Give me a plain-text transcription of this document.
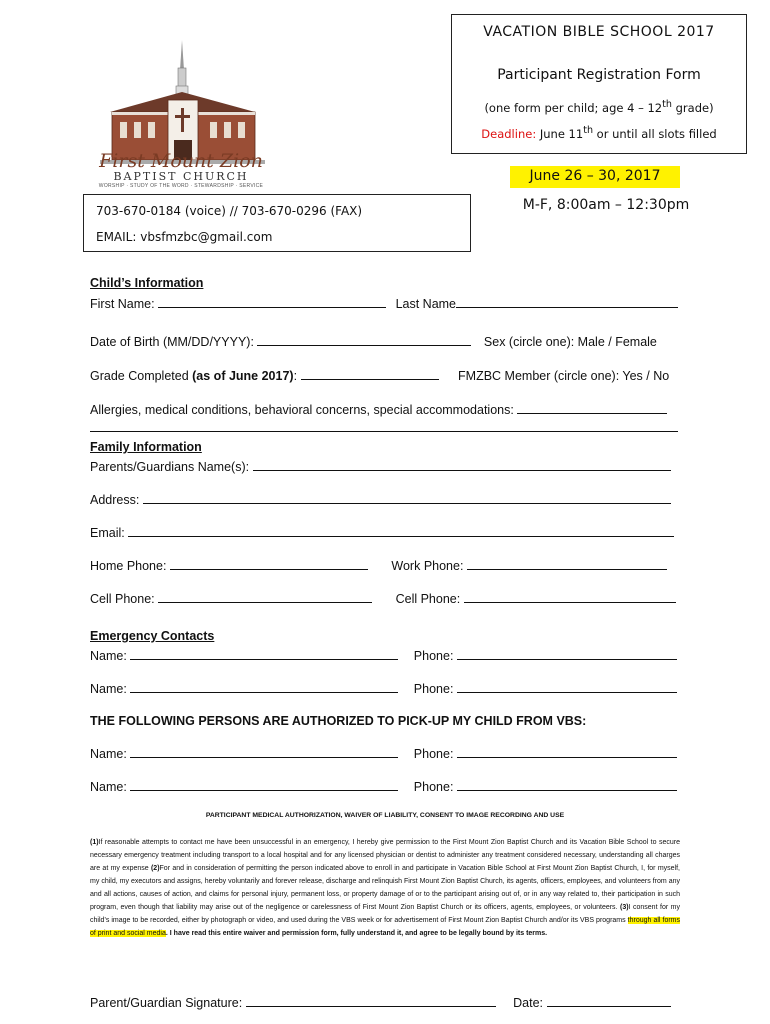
First Mount Zion
BAPTIST CHURCH
WORSHIP · STUDY OF THE WORD · STEWARDSHIP · SERVICE
VACATION BIBLE SCHOOL 2017
Participant Registration Form
(one form per child; age 4 – 12th grade)
Deadline: June 11th or until all slots filled
June 26 – 30, 2017
M-F, 8:00am – 12:30pm
703-670-0184 (voice) // 703-670-0296 (FAX)
EMAIL: vbsfmzbc@gmail.com
Child’s Information
First Name:	Last Name
Date of Birth (MM/DD/YYYY):	Sex (circle one): Male / Female
Grade Completed (as of June 2017):	FMZBC Member (circle one): Yes / No
Allergies, medical conditions, behavioral concerns, special accommodations:
Family Information
Parents/Guardians Name(s):
Address:
Email:
Home Phone:	Work Phone:
Cell Phone:	Cell Phone:
Emergency Contacts
Name:	Phone:
Name:	Phone:
THE FOLLOWING PERSONS ARE AUTHORIZED TO PICK-UP MY CHILD FROM VBS:
Name:	Phone:
Name:	Phone:
PARTICIPANT MEDICAL AUTHORIZATION, WAIVER OF LIABILITY, CONSENT TO IMAGE RECORDING AND USE
(1)If reasonable attempts to contact me have been unsuccessful in an emergency, I hereby give permission to the First Mount Zion Baptist Church and its Vacation Bible School to secure necessary emergency treatment including transport to a local hospital and for any licensed physician or dentist to administer any treatment considered necessary, understanding all charges are at my expense (2)For and in consideration of permitting the person indicated above to enroll in and participate in Vacation Bible School at First Mount Zion Baptist Church, I, for myself, my child, my executors and assigns, hereby voluntarily and forever release, discharge and relinquish First Mount Zion Baptist Church, its agents, officers, employees, and volunteers from any and all actions, causes of action, and claims for personal injury, permanent loss, or property damage of or to the participant arising out of, or in any way related to, their participation in such program, even though that liability may arise out of the negligence or carelessness of First Mount Zion Baptist Church or its officers, agents, employees, or volunteers. (3)I consent for my child’s image to be recorded, either by photograph or video, and used during the VBS week or for advertisement of First Mount Zion Baptist Church and/or its VBS programs through all forms of print and social media. I have read this entire waiver and permission form, fully understand it, and agree to be legally bound by its terms.
Parent/Guardian Signature:	Date:
